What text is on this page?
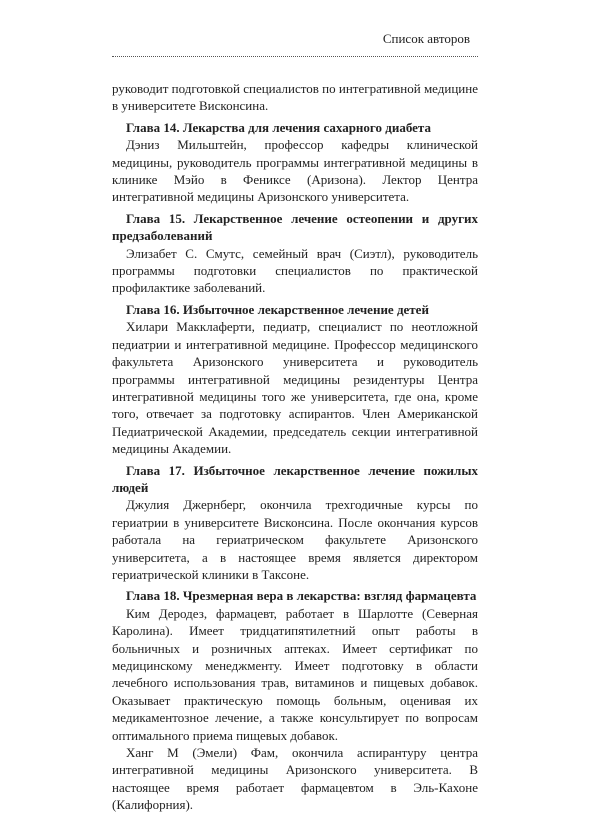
Список авторов

руководит подготовкой специалистов по интегративной медицине в университете Висконсина.

Глава 14. Лекарства для лечения сахарного диабета

Дэниз Мильштейн, профессор кафедры клинической медицины, руководитель программы интегративной медицины в клинике Мэйо в Фениксе (Аризона). Лектор Центра интегративной медицины Аризонского университета.

Глава 15. Лекарственное лечение остеопении и других предзаболеваний

Элизабет С. Смутс, семейный врач (Сиэтл), руководитель программы подготовки специалистов по практической профилактике заболеваний.

Глава 16. Избыточное лекарственное лечение детей

Хилари Макклаферти, педиатр, специалист по неотложной педиатрии и интегративной медицине. Профессор медицинского факультета Аризонского университета и руководитель программы интегративной медицины резидентуры Центра интегративной медицины того же университета, где она, кроме того, отвечает за подготовку аспирантов. Член Американской Педиатрической Академии, председатель секции интегративной медицины Академии.

Глава 17. Избыточное лекарственное лечение пожилых людей

Джулия Джернберг, окончила трехгодичные курсы по гериатрии в университете Висконсина. После окончания курсов работала на гериатрическом факультете Аризонского университета, а в настоящее время является директором гериатрической клиники в Таксоне.

Глава 18. Чрезмерная вера в лекарства: взгляд фармацевта

Ким Деродез, фармацевт, работает в Шарлотте (Северная Каролина). Имеет тридцатипятилетний опыт работы в больничных и розничных аптеках. Имеет сертификат по медицинскому менеджменту. Имеет подготовку в области лечебного использования трав, витаминов и пищевых добавок. Оказывает практическую помощь больным, оценивая их медикаментозное лечение, а также консультирует по вопросам оптимального приема пищевых добавок.

Ханг М (Эмели) Фам, окончила аспирантуру центра интегративной медицины Аризонского университета. В настоящее время работает фармацевтом в Эль-Кахоне (Калифорния).
